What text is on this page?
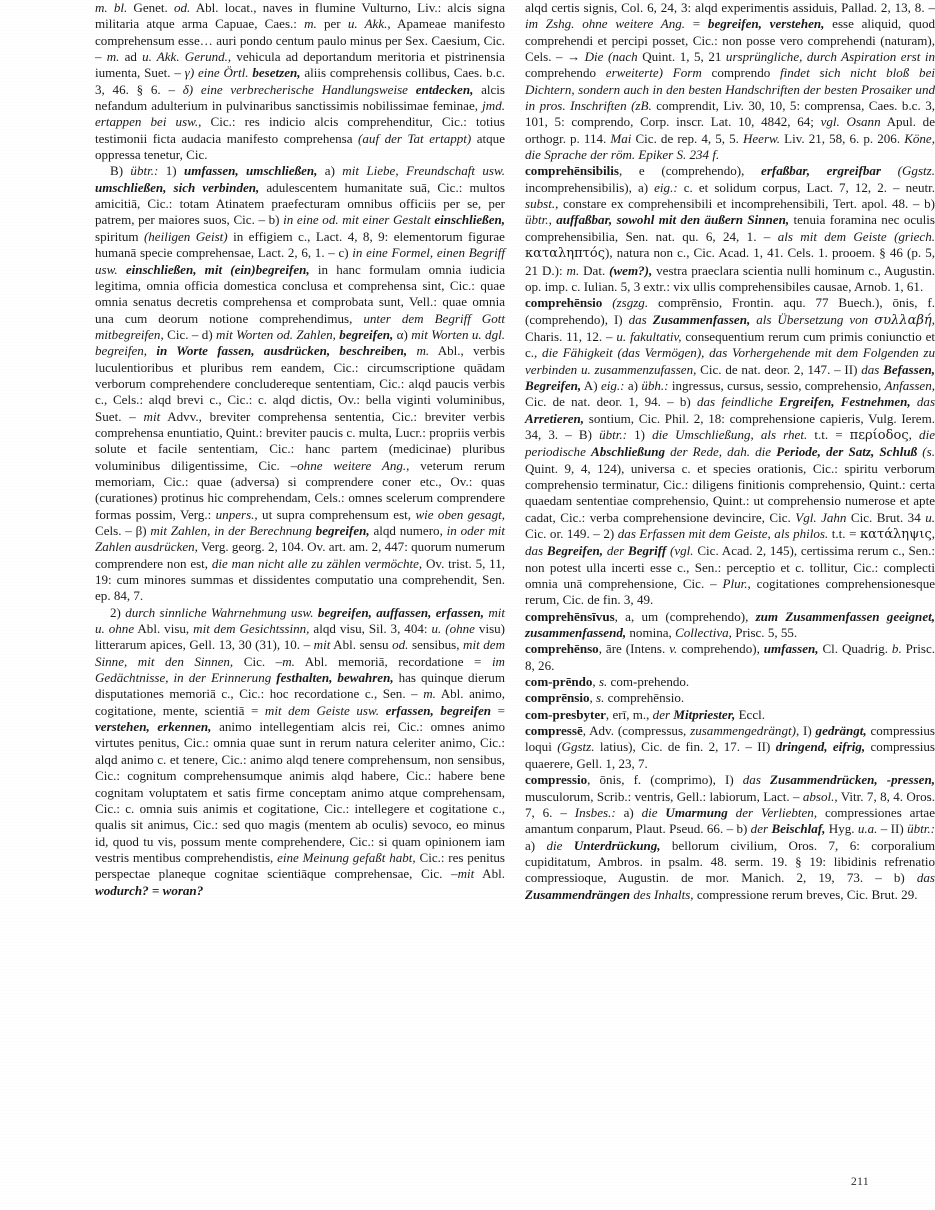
m. bl. Genet. od. Abl. locat., naves in flumine Vulturno, Liv.: alcis signa militaria atque arma Capuae, Caes.: m. per u. Akk., Apameae manifesto comprehensum esse… auri pondo centum paulo minus per Sex. Caesium, Cic. – m. ad u. Akk. Gerund., vehicula ad deportandum meritoria et pistrinensia iumenta, Suet. – γ) eine Örtl. besetzen, aliis comprehensis collibus, Caes. b.c. 3, 46. § 6. – δ) eine verbrecherische Handlungsweise entdecken, alcis nefandum adulterium in pulvinaribus sanctissimis nobilissimae feminae, jmd. ertappen bei usw., Cic.: res indicio alcis comprehenditur, Cic.: totius testimonii ficta audacia manifesto comprehensa (auf der Tat ertappt) atque oppressa tenetur, Cic.

B) übtr.: 1) umfassen, umschließen, a) mit Liebe, Freundschaft usw. umschließen, sich verbinden, adulescentem humanitate suā, Cic.: multos amicitiā, Cic.: totam Atinatem praefecturam omnibus officiis per se, per patrem, per maiores suos, Cic. – b) in eine od. mit einer Gestalt einschließen, spiritum (heiligen Geist) in effigiem c., Lact. 4, 8, 9: elementorum figurae humanā specie comprehensae, Lact. 2, 6, 1. – c) in eine Formel, einen Begriff usw. einschließen, mit (ein)begreifen, in hanc formulam omnia iudicia legitima, omnia officia domestica conclusa et comprehensa sint, Cic.: quae omnia senatus decretis comprehensa et comprobata sunt, Vell.: quae omnia una cum deorum notione comprehendimus, unter dem Begriff Gott mitbegreifen, Cic. – d) mit Worten od. Zahlen, begreifen, α) mit Worten u. dgl. begreifen, in Worte fassen, ausdrücken, beschreiben, m. Abl., verbis luculentioribus et pluribus rem eandem, Cic.: circumscriptione quādam verborum comprehendere concludereque sententiam, Cic.: alqd paucis verbis c., Cels.: alqd brevi c., Cic.: c. alqd dictis, Ov.: bella viginti voluminibus, Suet. – mit Advv., breviter comprehensa sententia, Cic.: breviter verbis comprehensa enuntiatio, Quint.: breviter paucis c. multa, Lucr.: propriis verbis solute et facile sententiam, Cic.: hanc partem (medicinae) pluribus voluminibus diligentissime, Cic. –ohne weitere Ang., veterum rerum memoriam, Cic.: quae (adversa) si comprendere coner etc., Ov.: quas (curationes) protinus hic comprehendam, Cels.: omnes scelerum comprendere formas possim, Verg.: unpers., ut supra comprehensum est, wie oben gesagt, Cels. – β) mit Zahlen, in der Berechnung begreifen, alqd numero, in oder mit Zahlen ausdrücken, Verg. georg. 2, 104. Ov. art. am. 2, 447: quorum numerum comprendere non est, die man nicht alle zu zählen vermöchte, Ov. trist. 5, 11, 19: cum minores summas et dissidentes computatio una comprehendit, Sen. ep. 84, 7.

2) durch sinnliche Wahrnehmung usw. begreifen, auffassen, erfassen, mit u. ohne Abl. visu, mit dem Gesichtssinn, alqd visu, Sil. 3, 404: u. (ohne visu) litterarum apices, Gell. 13, 30 (31), 10. – mit Abl. sensu od. sensibus, mit dem Sinne, mit den Sinnen, Cic. –m. Abl. memoriā, recordatione = im Gedächtnisse, in der Erinnerung festhalten, bewahren, has quinque dierum disputationes memoriā c., Cic.: hoc recordatione c., Sen. – m. Abl. animo, cogitatione, mente, scientiā = mit dem Geiste usw. erfassen, begreifen = verstehen, erkennen, animo intellegentiam alcis rei, Cic.: omnes animo virtutes penitus, Cic.: omnia quae sunt in rerum natura celeriter animo, Cic.: alqd animo c. et tenere, Cic.: animo alqd tenere comprehensum, non sensibus, Cic.: cognitum comprehensumque animis alqd habere, Cic.: habere bene cognitam voluptatem et satis firme conceptam animo atque comprehensam, Cic.: c. omnia suis animis et cogitatione, Cic.: intellegere et cogitatione c., qualis sit animus, Cic.: sed quo magis (mentem ab oculis) sevoco, eo minus id, quod tu vis, possum mente comprehendere, Cic.: si quam opinionem iam vestris mentibus comprehendistis, eine Meinung gefaßt habt, Cic.: res penitus perspectae planeque cognitae scientiāque comprehensae, Cic. –mit Abl. wodurch? = woran?

alqd certis signis, Col. 6, 24, 3: alqd experimentis assiduis, Pallad. 2, 13, 8. – im Zshg. ohne weitere Ang. = begreifen, verstehen, esse aliquid, quod comprehendi et percipi posset, Cic.: non posse vero comprehendi (naturam), Cels. – → Die (nach Quint. 1, 5, 21 ursprüngliche, durch Aspiration erst in comprehendo erweiterte) Form comprendo findet sich nicht bloß bei Dichtern, sondern auch in den besten Handschriften der besten Prosaiker und in pros. Inschriften (zB. comprendit, Liv. 30, 10, 5: comprensa, Caes. b.c. 3, 101, 5: comprendo, Corp. inscr. Lat. 10, 4842, 64; vgl. Osann Apul. de orthogr. p. 114. Mai Cic. de rep. 4, 5, 5. Heerw. Liv. 21, 58, 6. p. 206. Köne, die Sprache der röm. Epiker S. 234 f.

comprehēnsibilis, e (comprehendo), erfaßbar, ergreifbar (Ggstz. incomprehensibilis), a) eig.: c. et solidum corpus, Lact. 7, 12, 2. – neutr. subst., constare ex comprehensibili et incomprehensibili, Tert. apol. 48. – b) übtr., auffaßbar, sowohl mit den äußern Sinnen, tenuia foramina nec oculis comprehensibilia, Sen. nat. qu. 6, 24, 1. – als mit dem Geiste (griech. καταληπτός), natura non c., Cic. Acad. 1, 41. Cels. 1. prooem. § 46 (p. 5, 21 D.): m. Dat. (wem?), vestra praeclara scientia nulli hominum c., Augustin. op. imp. c. Iulian. 5, 3 extr.: vix ullis comprehensibiles causae, Arnob. 1, 61.

comprehēnsio (zsgzg. comprēnsio, Frontin. aqu. 77 Buech.), ōnis, f. (comprehendo), I) das Zusammenfassen, als Übersetzung von συλλαβή, Charis. 11, 12. – u. fakultativ, consequentium rerum cum primis coniunctio et c., die Fähigkeit (das Vermögen), das Vorhergehende mit dem Folgenden zu verbinden u. zusammenzufassen, Cic. de nat. deor. 2, 147. – II) das Befassen, Begreifen, A) eig.: a) übh.: ingressus, cursus, sessio, comprehensio, Anfassen, Cic. de nat. deor. 1, 94. – b) das feindliche Ergreifen, Festnehmen, das Arretieren, sontium, Cic. Phil. 2, 18: comprehensione capieris, Vulg. Ierem. 34, 3. – B) übtr.: 1) die Umschließung, als rhet. t.t. = περίοδος, die periodische Abschließung der Rede, dah. die Periode, der Satz, Schluß (s. Quint. 9, 4, 124), universa c. et species orationis, Cic.: spiritu verborum comprehensio terminatur, Cic.: diligens finitionis comprehensio, Quint.: certa quaedam sententiae comprehensio, Quint.: ut comprehensio numerose et apte cadat, Cic.: verba comprehensione devincire, Cic. Vgl. Jahn Cic. Brut. 34 u. Cic. or. 149. – 2) das Erfassen mit dem Geiste, als philos. t.t. = κατάληψις, das Begreifen, der Begriff (vgl. Cic. Acad. 2, 145), certissima rerum c., Sen.: non potest ulla incerti esse c., Sen.: perceptio et c. tollitur, Cic.: complecti omnia unā comprehensione, Cic. – Plur., cogitationes comprehensionesque rerum, Cic. de fin. 3, 49.

comprehēnsīvus, a, um (comprehendo), zum Zusammenfassen geeignet, zusammenfassend, nomina, Collectiva, Prisc. 5, 55.

comprehēnso, āre (Intens. v. comprehendo), umfassen, Cl. Quadrig. b. Prisc. 8, 26.

com-prēndo, s. com-prehendo.

comprēnsio, s. comprehēnsio.

com-presbyter, erī, m., der Mitpriester, Eccl.

compressē, Adv. (compressus, zusammengedrängt), I) gedrängt, compressius loqui (Ggstz. latius), Cic. de fin. 2, 17. – II) dringend, eifrig, compressius quaerere, Gell. 1, 23, 7.

compressio, ōnis, f. (comprimo), I) das Zusammendrücken, -pressen, musculorum, Scrib.: ventris, Gell.: labiorum, Lact. – absol., Vitr. 7, 8, 4. Oros. 7, 6. – Insbes.: a) die Umarmung der Verliebten, compressiones artae amantum conparum, Plaut. Pseud. 66. – b) der Beischlaf, Hyg. u.a. – II) übtr.: a) die Unterdrückung, bellorum civilium, Oros. 7, 6: corporalium cupiditatum, Ambros. in psalm. 48. serm. 19. § 19: libidinis refrenatio compressioque, Augustin. de mor. Manich. 2, 19, 73. – b) das Zusammendrängen des Inhalts, compressione rerum breves, Cic. Brut. 29.

211
